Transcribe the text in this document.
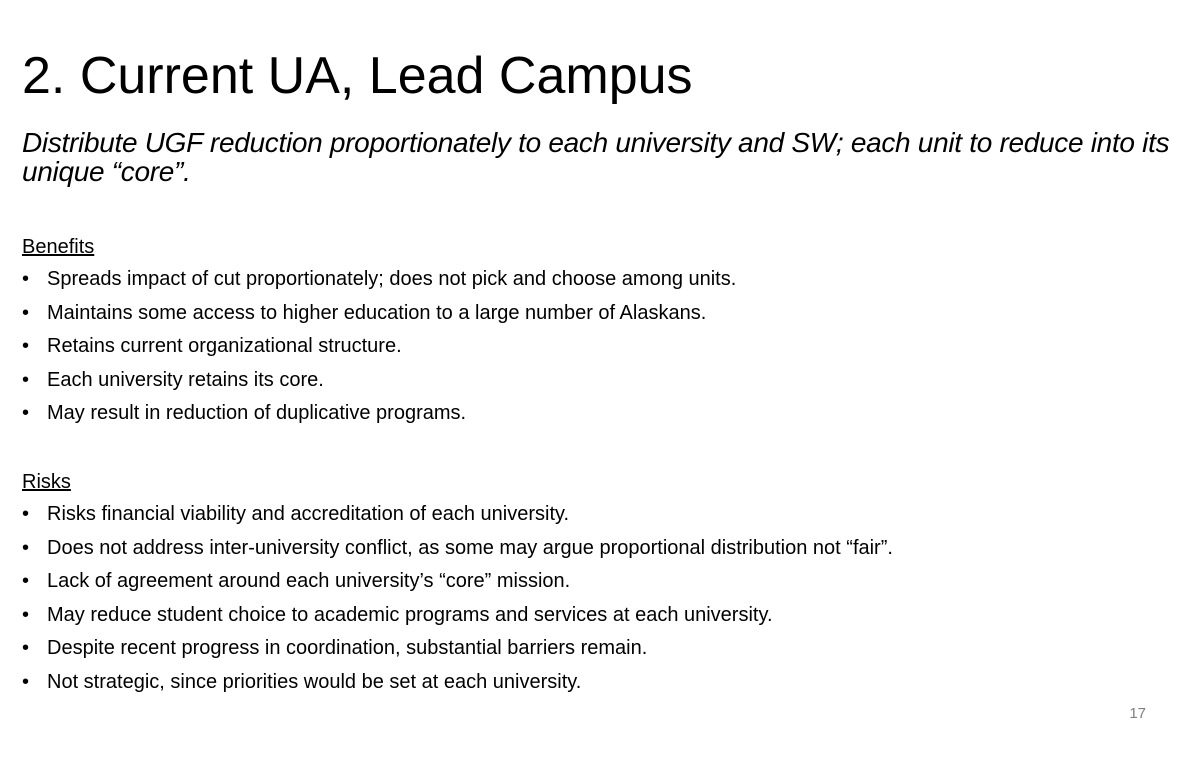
2. Current UA, Lead Campus

Distribute UGF reduction proportionately to each university and SW; each unit to reduce into its unique “core”.

Benefits
• Spreads impact of cut proportionately; does not pick and choose among units.
• Maintains some access to higher education to a large number of Alaskans.
• Retains current organizational structure.
• Each university retains its core.
• May result in reduction of duplicative programs.
Risks
• Risks financial viability and accreditation of each university.
• Does not address inter-university conflict, as some may argue proportional distribution not “fair”.
• Lack of agreement around each university’s “core” mission.
• May reduce student choice to academic programs and services at each university.
• Despite recent progress in coordination, substantial barriers remain.
• Not strategic, since priorities would be set at each university.
17
